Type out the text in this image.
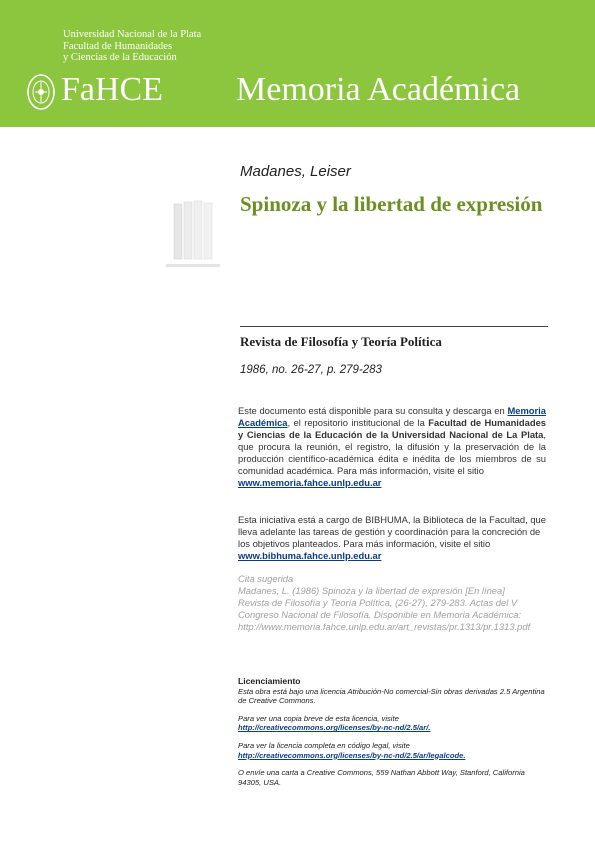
Universidad Nacional de la Plata
Facultad de Humanidades
y Ciencias de la Educación
FaHCE Memoria Académica
Madanes, Leiser
Spinoza y la libertad de expresión
Revista de Filosofía y Teoría Política
1986, no. 26-27, p. 279-283
Este documento está disponible para su consulta y descarga en Memoria Académica, el repositorio institucional de la Facultad de Humanidades y Ciencias de la Educación de la Universidad Nacional de La Plata, que procura la reunión, el registro, la difusión y la preservación de la producción científico-académica édita e inédita de los miembros de su comunidad académica. Para más información, visite el sitio
www.memoria.fahce.unlp.edu.ar
Esta iniciativa está a cargo de BIBHUMA, la Biblioteca de la Facultad, que lleva adelante las tareas de gestión y coordinación para la concreción de los objetivos planteados. Para más información, visite el sitio
www.bibhuma.fahce.unlp.edu.ar
Cita sugerida
Madanes, L. (1986) Spinoza y la libertad de expresión [En línea]
Revista de Filosofía y Teoría Política, (26-27), 279-283. Actas del V
Congreso Nacional de Filosofía. Disponible en Memoria Académica:
http://www.memoria.fahce.unlp.edu.ar/art_revistas/pr.1313/pr.1313.pdf
Licenciamiento
Esta obra está bajo una licencia Atribución-No comercial-Sin obras derivadas 2.5 Argentina de Creative Commons.
Para ver una copia breve de esta licencia, visite
http://creativecommons.org/licenses/by-nc-nd/2.5/ar/.
Para ver la licencia completa en código legal, visite
http://creativecommons.org/licenses/by-nc-nd/2.5/ar/legalcode.
O envíe una carta a Creative Commons, 559 Nathan Abbott Way, Stanford, California 94305, USA.
